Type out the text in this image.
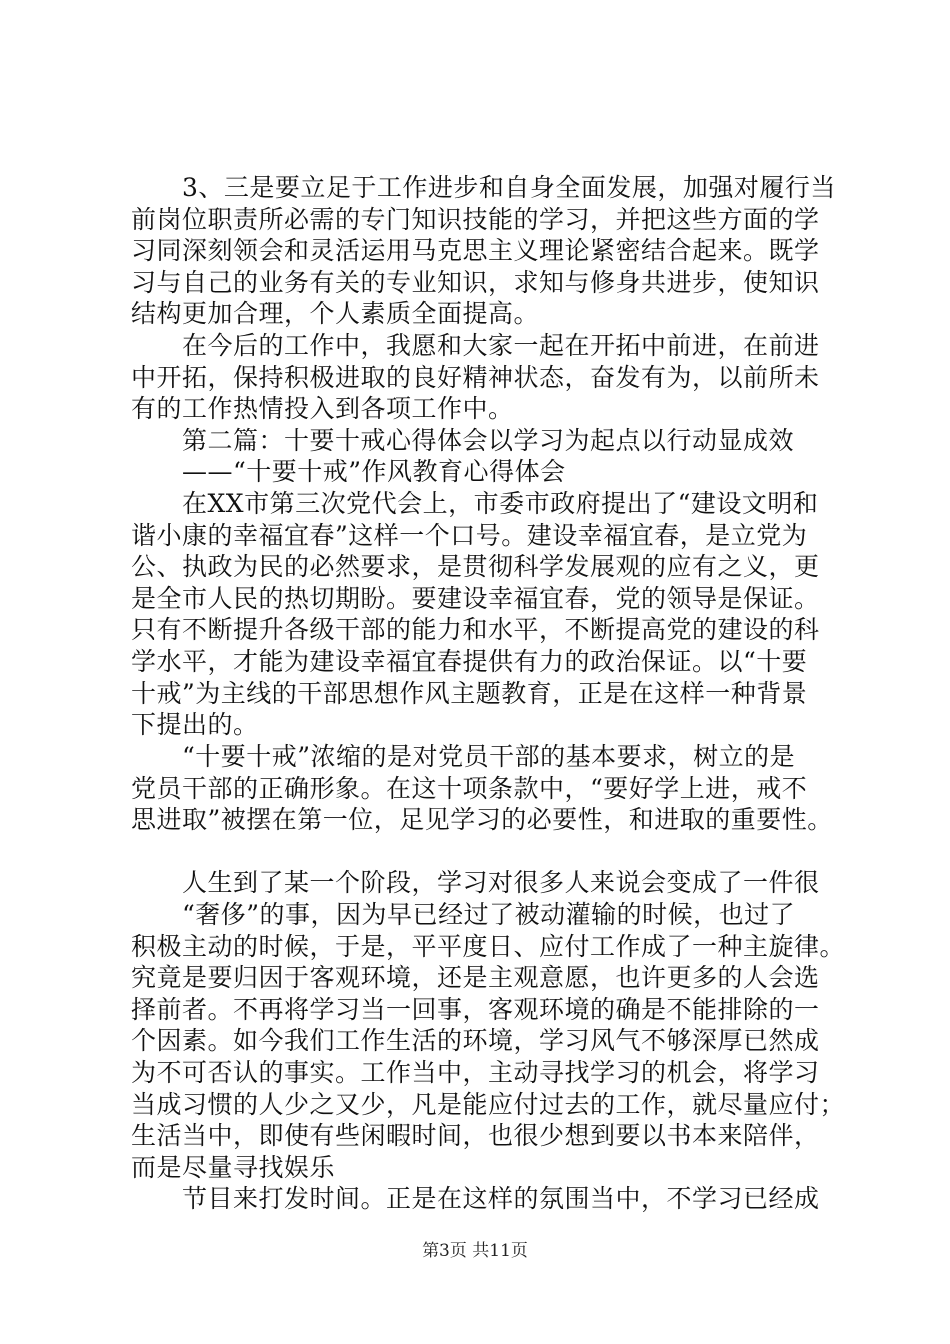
　　3、三是要立足于工作进步和自身全面发展，加强对履行当
前岗位职责所必需的专门知识技能的学习，并把这些方面的学
习同深刻领会和灵活运用马克思主义理论紧密结合起来。既学
习与自己的业务有关的专业知识，求知与修身共进步，使知识
结构更加合理，个人素质全面提高。
　　在今后的工作中，我愿和大家一起在开拓中前进，在前进
中开拓，保持积极进取的良好精神状态，奋发有为，以前所未
有的工作热情投入到各项工作中。
　　第二篇：十要十戒心得体会以学习为起点以行动显成效
　　——“十要十戒”作风教育心得体会
　　在XX市第三次党代会上，市委市政府提出了“建设文明和
谐小康的幸福宜春”这样一个口号。建设幸福宜春，是立党为
公、执政为民的必然要求，是贯彻科学发展观的应有之义，更
是全市人民的热切期盼。要建设幸福宜春，党的领导是保证。
只有不断提升各级干部的能力和水平，不断提高党的建设的科
学水平，才能为建设幸福宜春提供有力的政治保证。以“十要
十戒”为主线的干部思想作风主题教育，正是在这样一种背景
下提出的。
　　“十要十戒”浓缩的是对党员干部的基本要求，树立的是
党员干部的正确形象。在这十项条款中，“要好学上进，戒不
思进取”被摆在第一位，足见学习的必要性，和进取的重要性。
　　人生到了某一个阶段，学习对很多人来说会变成了一件很
　　“奢侈”的事，因为早已经过了被动灌输的时候，也过了
积极主动的时候，于是，平平度日、应付工作成了一种主旋律。
究竟是要归因于客观环境，还是主观意愿，也许更多的人会选
择前者。不再将学习当一回事，客观环境的确是不能排除的一
个因素。如今我们工作生活的环境，学习风气不够深厚已然成
为不可否认的事实。工作当中，主动寻找学习的机会，将学习
当成习惯的人少之又少，凡是能应付过去的工作，就尽量应付；
生活当中，即使有些闲暇时间，也很少想到要以书本来陪伴，
而是尽量寻找娱乐
　　节目来打发时间。正是在这样的氛围当中，不学习已经成
第3页 共11页
